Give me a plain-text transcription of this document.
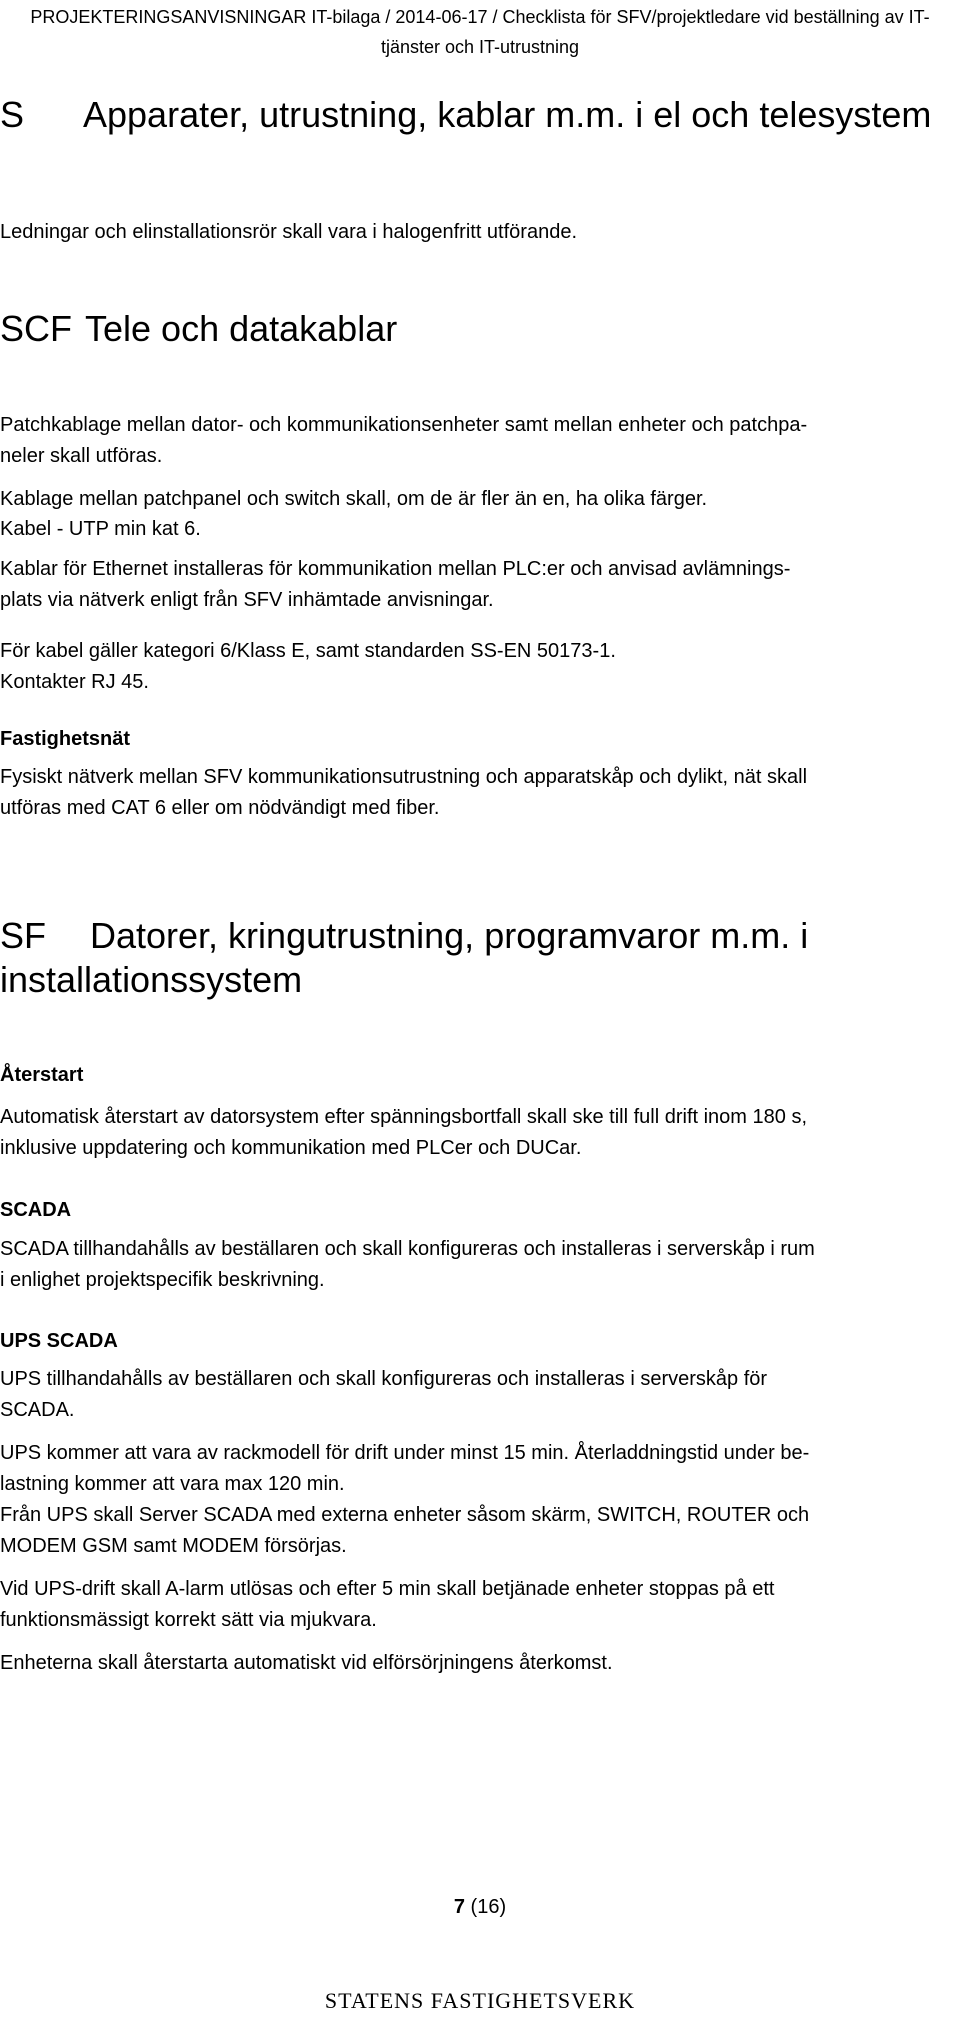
PROJEKTERINGSANVISNINGAR IT-bilaga / 2014-06-17 / Checklista för SFV/projektledare vid beställning av IT-
tjänster och IT-utrustning
S Apparater, utrustning, kablar m.m. i el och telesystem
Ledningar och elinstallationsrör skall vara i halogenfritt utförande.
SCF Tele och datakablar
Patchkablage mellan dator- och kommunikationsenheter samt mellan enheter och patchpa-
neler skall utföras.
Kablage mellan patchpanel och switch skall, om de är fler än en, ha olika färger.
Kabel - UTP min kat 6.
Kablar för Ethernet installeras för kommunikation mellan PLC:er och anvisad avlämnings-
plats via nätverk enligt från SFV inhämtade anvisningar.
För kabel gäller kategori 6/Klass E, samt standarden SS-EN 50173-1.
Kontakter RJ 45.
Fastighetsnät
Fysiskt nätverk mellan SFV kommunikationsutrustning och apparatskåp och dylikt, nät skall
utföras med CAT 6 eller om nödvändigt med fiber.
SF Datorer, kringutrustning, programvaror m.m. i
installationssystem
Återstart
Automatisk återstart av datorsystem efter spänningsbortfall skall ske till full drift inom 180 s,
inklusive uppdatering och kommunikation med PLCer och DUCar.
SCADA
SCADA tillhandahålls av beställaren och skall konfigureras och installeras i serverskåp i rum
i enlighet projektspecifik beskrivning.
UPS SCADA
UPS tillhandahålls av beställaren och skall konfigureras och installeras i serverskåp för
SCADA.
UPS kommer att vara av rackmodell för drift under minst 15 min. Återladdningstid under be-
lastning kommer att vara max 120 min.
Från UPS skall Server SCADA med externa enheter såsom skärm, SWITCH, ROUTER och
MODEM GSM samt MODEM försörjas.
Vid UPS-drift skall A-larm utlösas och efter 5 min skall betjänade enheter stoppas på ett
funktionsmässigt korrekt sätt via mjukvara.
Enheterna skall återstarta automatiskt vid elförsörjningens återkomst.
7 (16)
STATENS FASTIGHETSVERK
